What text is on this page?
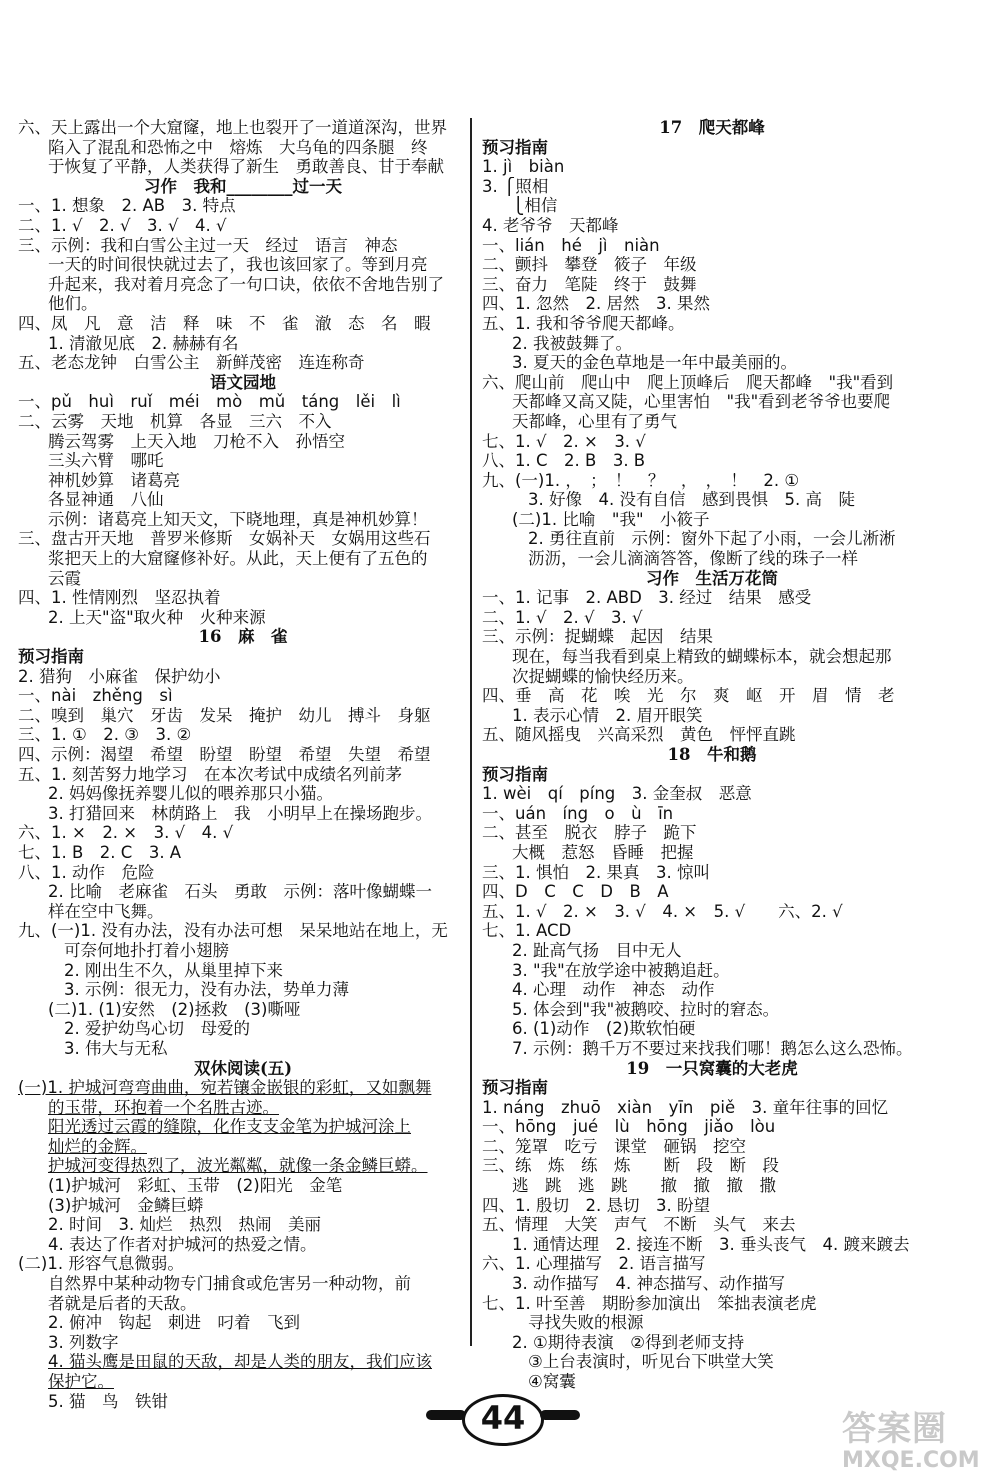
六、天上露出一个大窟窿，地上也裂开了一道道深沟，世界
陷入了混乱和恐怖之中　熔炼　大乌龟的四条腿　终
于恢复了平静，人类获得了新生　勇敢善良、甘于奉献
习作　我和________过一天
一、1. 想象　2. AB　3. 特点
二、1. √　2. √　3. √　4. √
三、示例：我和白雪公主过一天　经过　语言　神态
一天的时间很快就过去了，我也该回家了。等到月亮
升起来，我对着月亮念了一句口诀，依依不舍地告别了
他们。
四、凤　凡　意　洁　释　味　不　雀　澈　态　名　暇
1. 清澈见底　2. 赫赫有名
五、老态龙钟　白雪公主　新鲜茂密　连连称奇
语文园地
一、pǔ　huì　ruǐ　méi　mò　mǔ　táng　lěi　lì
二、云雾　天地　机算　各显　三六　不入
腾云驾雾　上天入地　刀枪不入　孙悟空
三头六臂　哪吒
神机妙算　诸葛亮
各显神通　八仙
示例：诸葛亮上知天文，下晓地理，真是神机妙算！
三、盘古开天地　普罗米修斯　女娲补天　女娲用这些石
浆把天上的大窟窿修补好。从此，天上便有了五色的
云霞
四、1. 性情刚烈　坚忍执着
2. 上天"盗"取火种　火种来源
16　麻　雀
预习指南
2. 猎狗　小麻雀　保护幼小
一、nài　zhěng　sì
二、嗅到　巢穴　牙齿　发呆　掩护　幼儿　搏斗　身躯
三、1. ①　2. ③　3. ②
四、示例：渴望　希望　盼望　盼望　希望　失望　希望
五、1. 刻苦努力地学习　在本次考试中成绩名列前茅
2. 妈妈像抚养婴儿似的喂养那只小猫。
3. 打猎回来　林荫路上　我　小明早上在操场跑步。
六、1. ×　2. ×　3. √　4. √
七、1. B　2. C　3. A
八、1. 动作　危险
2. 比喻　老麻雀　石头　勇敢　示例：落叶像蝴蝶一
样在空中飞舞。
九、(一)1. 没有办法，没有办法可想　呆呆地站在地上，无
可奈何地扑打着小翅膀
2. 刚出生不久，从巢里掉下来
3. 示例：很无力，没有办法，势单力薄
(二)1. (1)安然　(2)拯救　(3)嘶哑
2. 爱护幼鸟心切　母爱的
3. 伟大与无私
双休阅读(五)
(一)1. 护城河弯弯曲曲，宛若镶金嵌银的彩虹，又如飘舞
的玉带，环抱着一个名胜古迹。
阳光透过云霞的缝隙，化作支支金笔为护城河涂上
灿烂的金辉。
护城河变得热烈了，波光粼粼，就像一条金鳞巨蟒。
(1)护城河　彩虹、玉带　(2)阳光　金笔
(3)护城河　金鳞巨蟒
2. 时间　3. 灿烂　热烈　热闹　美丽
4. 表达了作者对护城河的热爱之情。
(二)1. 形容气息微弱。
自然界中某种动物专门捕食或危害另一种动物，前
者就是后者的天敌。
2. 俯冲　钩起　刺进　叼着　飞到
3. 列数字
4. 猫头鹰是田鼠的天敌，却是人类的朋友，我们应该
保护它。
5. 猫　鸟　铁钳
17　爬天都峰
预习指南
1. jì　biàn
3. ⎧照相
⎩相信
4. 老爷爷　天都峰
一、lián　hé　jì　niàn
二、颤抖　攀登　筱子　年级
三、奋力　笔陡　终于　鼓舞
四、1. 忽然　2. 居然　3. 果然
五、1. 我和爷爷爬天都峰。
2. 我被鼓舞了。
3. 夏天的金色草地是一年中最美丽的。
六、爬山前　爬山中　爬上顶峰后　爬天都峰　"我"看到
天都峰又高又陡，心里害怕　"我"看到老爷爷也要爬
天都峰，心里有了勇气
七、1. √　2. ×　3. √
八、1. C　2. B　3. B
九、(一)1. ，　；　！　？　，　，　！　2. ①
3. 好像　4. 没有自信　感到畏惧　5. 高　陡
(二)1. 比喻　"我"　小筱子
2. 勇往直前　示例：窗外下起了小雨，一会儿淅淅
沥沥，一会儿滴滴答答，像断了线的珠子一样
习作　生活万花筒
一、1. 记事　2. ABD　3. 经过　结果　感受
二、1. √　2. √　3. √
三、示例：捉蝴蝶　起因　结果
现在，每当我看到桌上精致的蝴蝶标本，就会想起那
次捉蝴蝶的愉快经历来。
四、垂　高　花　唉　光　尔　爽　岖　开　眉　情　老
1. 表示心情　2. 眉开眼笑
五、随风摇曳　兴高采烈　黄色　怦怦直跳
18　牛和鹅
预习指南
1. wèi　qí　píng　3. 金奎叔　恶意
一、uán　íng　o　ù　īn
二、甚至　脱衣　脖子　跪下
大概　惹怒　昏睡　把握
三、1. 惧怕　2. 果真　3. 惊叫
四、D　C　C　D　B　A
五、1. √　2. ×　3. √　4. ×　5. √　　六、2. √
七、1. ACD
2. 趾高气扬　目中无人
3. "我"在放学途中被鹅追赶。
4. 心理　动作　神态　动作
5. 体会到"我"被鹅咬、拉时的窘态。
6. (1)动作　(2)欺软怕硬
7. 示例：鹅千万不要过来找我们哪！鹅怎么这么恐怖。
19　一只窝囊的大老虎
预习指南
1. náng　zhuō　xiàn　yīn　piě　3. 童年往事的回忆
一、hōng　jué　lù　hōng　jiǎo　lòu
二、笼罩　吃亏　课堂　砸锅　挖空
三、练　炼　练　炼　　断　段　断　段
逃　跳　逃　跳　　撤　撤　撤　撒
四、1. 殷切　2. 恳切　3. 盼望
五、情理　大笑　声气　不断　头气　来去
1. 通情达理　2. 接连不断　3. 垂头丧气　4. 踱来踱去
六、1. 心理描写　2. 语言描写
3. 动作描写　4. 神态描写、动作描写
七、1. 叶至善　期盼参加演出　笨拙表演老虎
寻找失败的根源
2. ①期待表演　②得到老师支持
③上台表演时，听见台下哄堂大笑
④窝囊
44	答案圈
MXQE.COM
